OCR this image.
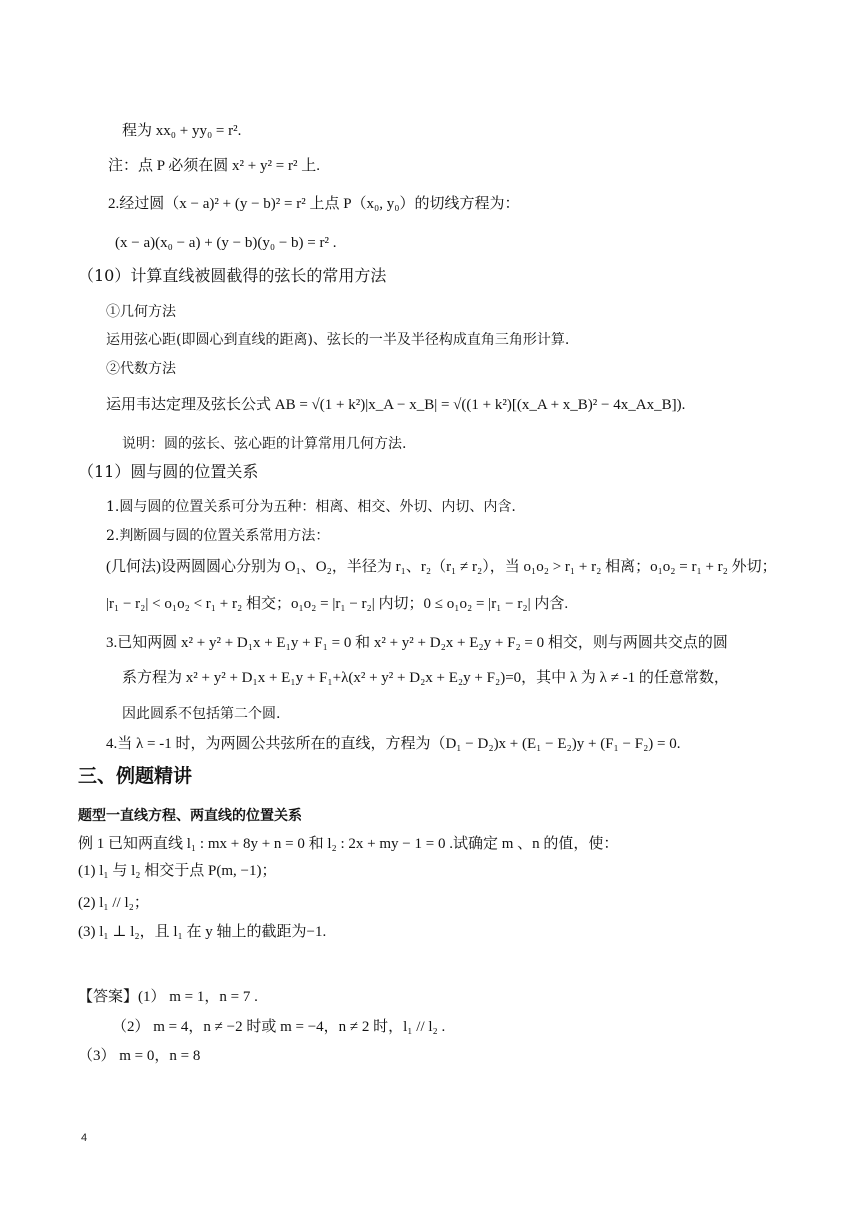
程为 xx₀ + yy₀ = r².
注：点 P 必须在圆 x² + y² = r² 上.
2.经过圆（x − a)² + (y − b)² = r² 上点 P（x₀, y₀）的切线方程为：
(x − a)(x₀ − a) + (y − b)(y₀ − b) = r² .
（10）计算直线被圆截得的弦长的常用方法
①几何方法
运用弦心距(即圆心到直线的距离)、弦长的一半及半径构成直角三角形计算.
②代数方法
运用韦达定理及弦长公式 AB = √(1 + k²)|x_A − x_B| = √((1 + k²)[(x_A + x_B)² − 4x_Ax_B]).
说明：圆的弦长、弦心距的计算常用几何方法.
（11）圆与圆的位置关系
1.圆与圆的位置关系可分为五种：相离、相交、外切、内切、内含.
2.判断圆与圆的位置关系常用方法：
(几何法)设两圆圆心分别为 O₁、O₂，半径为 r₁、r₂（r₁ ≠ r₂），当 o₁o₂ > r₁ + r₂ 相离；o₁o₂ = r₁ + r₂ 外切；
|r₁ − r₂| < o₁o₂ < r₁ + r₂ 相交；o₁o₂ = |r₁ − r₂| 内切；0 ≤ o₁o₂ = |r₁ − r₂| 内含.
3.已知两圆 x² + y² + D₁x + E₁y + F₁ = 0 和 x² + y² + D₂x + E₂y + F₂ = 0 相交，则与两圆共交点的圆
系方程为 x² + y² + D₁x + E₁y + F₁+λ(x² + y² + D₂x + E₂y + F₂)=0，其中 λ 为 λ ≠ -1 的任意常数，
因此圆系不包括第二个圆.
4.当 λ = -1 时，为两圆公共弦所在的直线，方程为（D₁ − D₂)x + (E₁ − E₂)y + (F₁ − F₂) = 0.
三、例题精讲
题型一直线方程、两直线的位置关系
例 1 已知两直线 l₁ : mx + 8y + n = 0 和 l₂ : 2x + my − 1 = 0 .试确定 m 、n 的值，使：
(1) l₁ 与 l₂ 相交于点 P(m, −1)；
(2) l₁ // l₂；
(3) l₁ ⊥ l₂，且 l₁ 在 y 轴上的截距为−1.
【答案】(1） m = 1，n = 7 .
（2） m = 4，n ≠ −2 时或 m = −4，n ≠ 2 时，l₁ // l₂ .
（3） m = 0，n = 8
4
